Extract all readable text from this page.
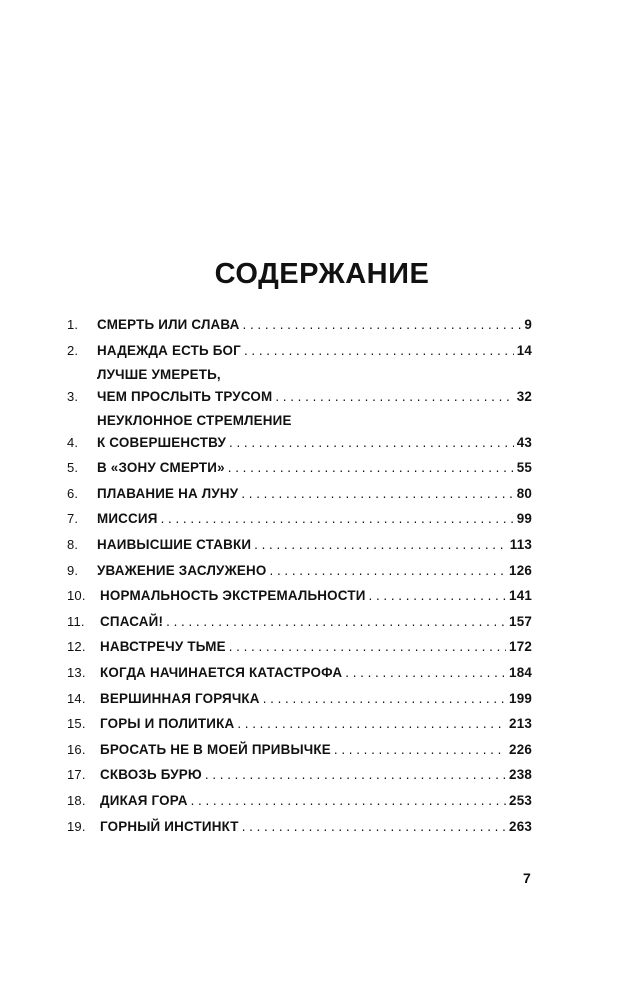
СОДЕРЖАНИЕ
1.	СМЕРТЬ ИЛИ СЛАВА . . .	9
2.	НАДЕЖДА ЕСТЬ БОГ . . .	14
3.
ЛУЧШЕ УМЕРЕТЬ,
ЧЕМ ПРОСЛЫТЬ ТРУСОМ . . .	32
4.
НЕУКЛОННОЕ СТРЕМЛЕНИЕ
К СОВЕРШЕНСТВУ . . .	43
5.	В «ЗОНУ СМЕРТИ» . . .	55
6.	ПЛАВАНИЕ НА ЛУНУ . . .	80
7.	МИССИЯ . . .	99
8.	НАИВЫСШИЕ СТАВКИ . . .	113
9.	УВАЖЕНИЕ ЗАСЛУЖЕНО . . .	126
10.	НОРМАЛЬНОСТЬ ЭКСТРЕМАЛЬНОСТИ . . .	141
11.	СПАСАЙ! . . .	157
12.	НАВСТРЕЧУ ТЬМЕ . . .	172
13.	КОГДА НАЧИНАЕТСЯ КАТАСТРОФА . . .	184
14.	ВЕРШИННАЯ ГОРЯЧКА . . .	199
15.	ГОРЫ И ПОЛИТИКА . . .	213
16.	БРОСАТЬ НЕ В МОЕЙ ПРИВЫЧКЕ . . .	226
17.	СКВОЗЬ БУРЮ . . .	238
18.	ДИКАЯ ГОРА . . .	253
19.	ГОРНЫЙ ИНСТИНКТ . . .	263
7
